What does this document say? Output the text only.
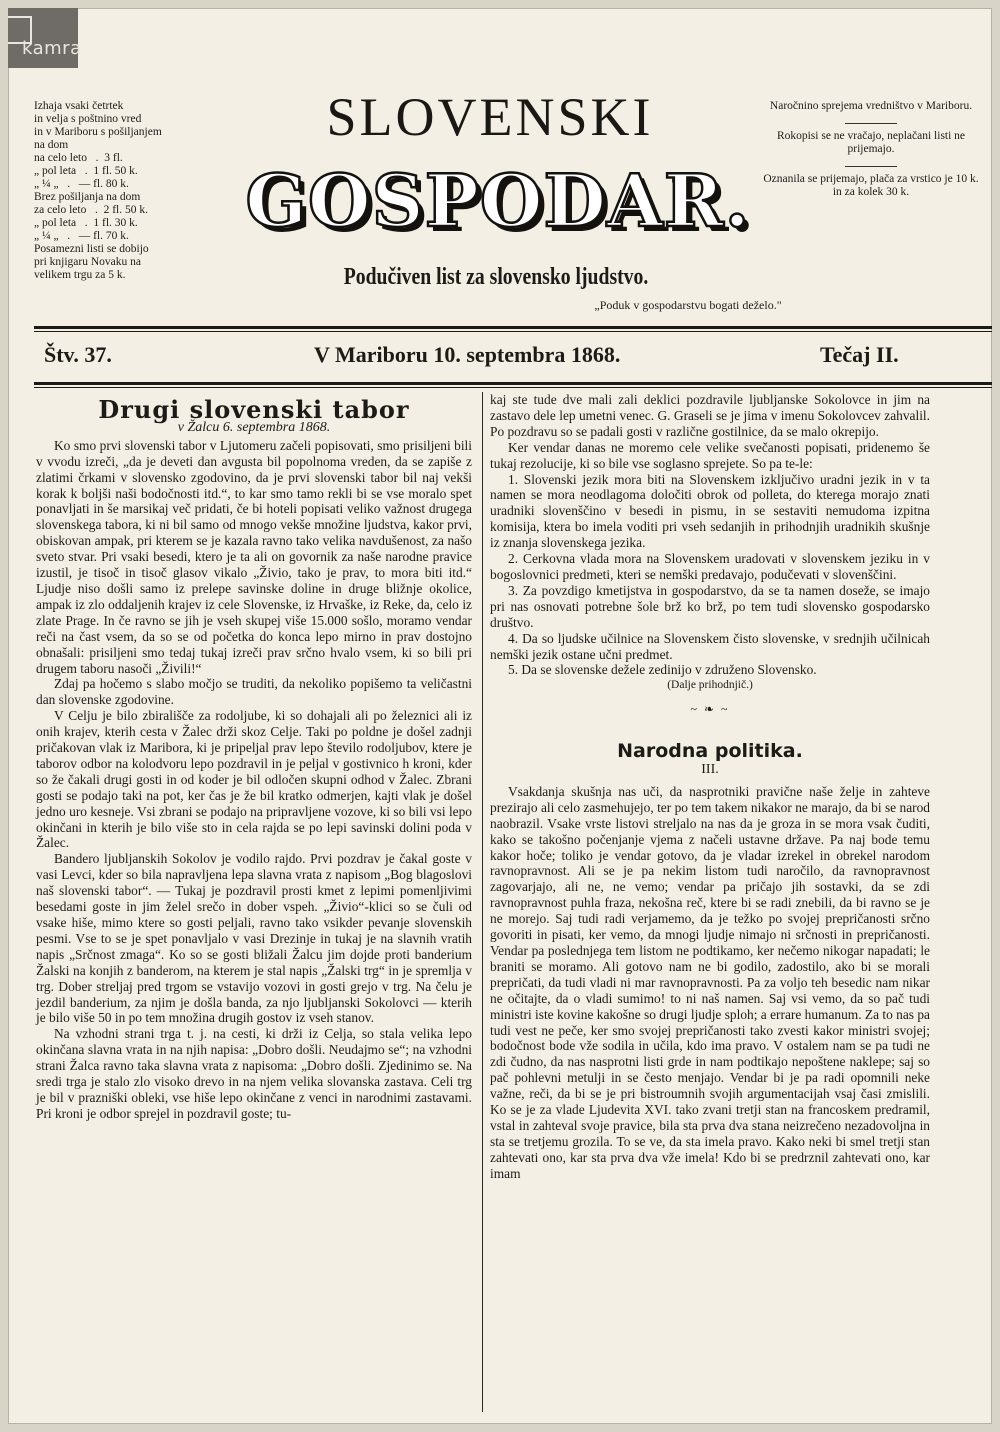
kamra
Izhaja vsaki četrtek
in velja s poštnino vred
in v Mariboru s pošiljanjem
na dom
na celo leto   .  3 fl.
„ pol leta   .  1 fl. 50 k.
„ ¼ „   .   — fl. 80 k.
Brez pošiljanja na dom
za celo leto   .  2 fl. 50 k.
„ pol leta   .  1 fl. 30 k.
„ ¼ „   .   — fl. 70 k.
Posamezni listi se dobijo
pri knjigaru Novaku na
velikem trgu za 5 k.
SLOVENSKI
GOSPODAR.
Podučiven list za slovensko ljudstvo.
„Poduk v gospodarstvu bogati deželo."

Naročnino sprejema vredništvo v Mariboru.

Rokopisi se ne vračajo, neplačani listi ne prijemajo.

Oznanila se prijemajo, plača za vrstico je 10 k. in za kolek 30 k.

Štv. 37.	V Mariboru 10. septembra 1868.	Tečaj II.
Drugi slovenski tabor
v Žalcu 6. septembra 1868.

Ko smo prvi slovenski tabor v Ljutomeru začeli popisovati, smo prisiljeni bili v vvodu izreči, „da je deveti dan avgusta bil popolnoma vreden, da se zapiše z zlatimi črkami v slovensko zgodovino, da je prvi slovenski tabor bil naj vekši korak k boljši naši bodočnosti itd.“, to kar smo tamo rekli bi se vse moralo spet ponavljati in še marsikaj več pridati, če bi hoteli popisati veliko važnost drugega slovenskega tabora, ki ni bil samo od mnogo vekše množine ljudstva, kakor prvi, obiskovan ampak, pri kterem se je kazala ravno tako velika navdušenost, za našo sveto stvar. Pri vsaki besedi, ktero je ta ali on govornik za naše narodne pravice izustil, je tisoč in tisoč glasov vikalo „Živio, tako je prav, to mora biti itd.“ Ljudje niso došli samo iz prelepe savinske doline in druge bližnje okolice, ampak iz zlo oddaljenih krajev iz cele Slovenske, iz Hrvaške, iz Reke, da, celo iz zlate Prage. In če ravno se jih je vseh skupej više 15.000 sošlo, moramo vendar reči na čast vsem, da so se od početka do konca lepo mirno in prav dostojno obnašali: prisiljeni smo tedaj tukaj izreči prav srčno hvalo vsem, ki so bili pri drugem taboru nasoči „Živili!“

Zdaj pa hočemo s slabo močjo se truditi, da nekoliko popišemo ta veličastni dan slovenske zgodovine.

V Celju je bilo zbirališče za rodoljube, ki so dohajali ali po železnici ali iz onih krajev, kterih cesta v Žalec drži skoz Celje. Taki po poldne je došel zadnji pričakovan vlak iz Maribora, ki je pripeljal prav lepo število rodoljubov, ktere je taborov odbor na kolodvoru lepo pozdravil in je peljal v gostivnico h kroni, kder so že čakali drugi gosti in od koder je bil odločen skupni odhod v Žalec. Zbrani gosti se podajo taki na pot, ker čas je že bil kratko odmerjen, kajti vlak je došel jedno uro kesneje. Vsi zbrani se podajo na pripravljene vozove, ki so bili vsi lepo okinčani in kterih je bilo više sto in cela rajda se po lepi savinski dolini poda v Žalec.

Bandero ljubljanskih Sokolov je vodilo rajdo. Prvi pozdrav je čakal goste v vasi Levci, kder so bila napravljena lepa slavna vrata z napisom „Bog blagoslovi naš slovenski tabor“. — Tukaj je pozdravil prosti kmet z lepimi pomenljivimi besedami goste in jim želel srečo in dober vspeh. „Živio“-klici so se čuli od vsake hiše, mimo ktere so gosti peljali, ravno tako vsikder pevanje slovenskih pesmi. Vse to se je spet ponavljalo v vasi Drezinje in tukaj je na slavnih vratih napis „Srčnost zmaga“. Ko so se gosti bližali Žalcu jim dojde proti banderium Žalski na konjih z banderom, na kterem je stal napis „Žalski trg“ in je spremlja v trg. Dober streljaj pred trgom se vstavijo vozovi in gosti grejo v trg. Na čelu je jezdil banderium, za njim je došla banda, za njo ljubljanski Sokolovci — kterih je bilo više 50 in po tem množina drugih gostov iz vseh stanov.

Na vzhodni strani trga t. j. na cesti, ki drži iz Celja, so stala velika lepo okinčana slavna vrata in na njih napisa: „Dobro došli. Neudajmo se“; na vzhodni strani Žalca ravno taka slavna vrata z napisoma: „Dobro došli. Zjedinimo se. Na sredi trga je stalo zlo visoko drevo in na njem velika slovanska zastava. Celi trg je bil v prazniški obleki, vse hiše lepo okinčane z venci in narodnimi zastavami. Pri kroni je odbor sprejel in pozdravil goste; tu-

kaj ste tude dve mali zali deklici pozdravile ljubljanske Sokolovce in jim na zastavo dele lep umetni venec. G. Graseli se je jima v imenu Sokolovcev zahvalil. Po pozdravu so se padali gosti v različne gostilnice, da se malo okrepijo.

Ker vendar danas ne moremo cele velike svečanosti popisati, pridenemo še tukaj rezolucije, ki so bile vse soglasno sprejete. So pa te-le:

1. Slovenski jezik mora biti na Slovenskem izključivo uradni jezik in v ta namen se mora neodlagoma določiti obrok od polleta, do kterega morajo znati uradniki slovenščino v besedi in pismu, in se sestaviti nemudoma izpitna komisija, ktera bo imela voditi pri vseh sedanjih in prihodnjih uradnikih skušnje iz znanja slovenskega jezika.

2. Cerkovna vlada mora na Slovenskem uradovati v slovenskem jeziku in v bogoslovnici predmeti, kteri se nemški predavajo, podučevati v slovenščini.

3. Za povzdigo kmetijstva in gospodarstvo, da se ta namen doseže, se imajo pri nas osnovati potrebne šole brž ko brž, po tem tudi slovensko gospodarsko društvo.

4. Da so ljudske učilnice na Slovenskem čisto slovenske, v srednjih učilnicah nemški jezik ostane učni predmet.

5. Da se slovenske dežele zedinijo v združeno Slovensko.

(Dalje prihodnjič.)
~ ❧ ~
Narodna politika.
III.

Vsakdanja skušnja nas uči, da nasprotniki pravične naše želje in zahteve prezirajo ali celo zasmehujejo, ter po tem takem nikakor ne marajo, da bi se narod naobrazil. Vsake vrste listovi streljalo na nas da je groza in se mora vsak čuditi, kako se takošno počenjanje vjema z načeli ustavne države. Pa naj bode temu kakor hoče; toliko je vendar gotovo, da je vladar izrekel in obrekel narodom ravnopravnost. Ali se je pa nekim listom tudi naročilo, da ravnopravnost zagovarjajo, ali ne, ne vemo; vendar pa pričajo jih sostavki, da se zdi ravnopravnost puhla fraza, nekošna reč, ktere bi se radi znebili, da bi ravno se je ne morejo. Saj tudi radi verjamemo, da je težko po svojej prepričanosti srčno govoriti in pisati, ker vemo, da mnogi ljudje nimajo ni srčnosti in prepričanosti. Vendar pa poslednjega tem listom ne podtikamo, ker nečemo nikogar napadati; le braniti se moramo. Ali gotovo nam ne bi godilo, zadostilo, ako bi se morali prepričati, da tudi vladi ni mar ravnopravnosti. Pa za voljo teh besedic nam nikar ne očitajte, da o vladi sumimo! to ni naš namen. Saj vsi vemo, da so pač tudi ministri iste kovine kakošne so drugi ljudje sploh; a errare humanum. Za to nas pa tudi vest ne peče, ker smo svojej prepričanosti tako zvesti kakor ministri svojej; bodočnost bode vže sodila in učila, kdo ima pravo. V ostalem nam se pa tudi ne zdi čudno, da nas nasprotni listi grde in nam podtikajo nepoštene naklepe; saj so pač pohlevni metulji in se često menjajo. Vendar bi je pa radi opomnili neke važne, reči, da bi se je pri bistroumnih svojih argumentacijah vsaj časi zmislili. Ko se je za vlade Ljudevita XVI. tako zvani tretji stan na francoskem predramil, vstal in zahteval svoje pravice, bila sta prva dva stana neizrečeno nezadovoljna in sta se tretjemu grozila. To se ve, da sta imela pravo. Kako neki bi smel tretji stan zahtevati ono, kar sta prva dva vže imela! Kdo bi se predrznil zahtevati ono, kar imam
